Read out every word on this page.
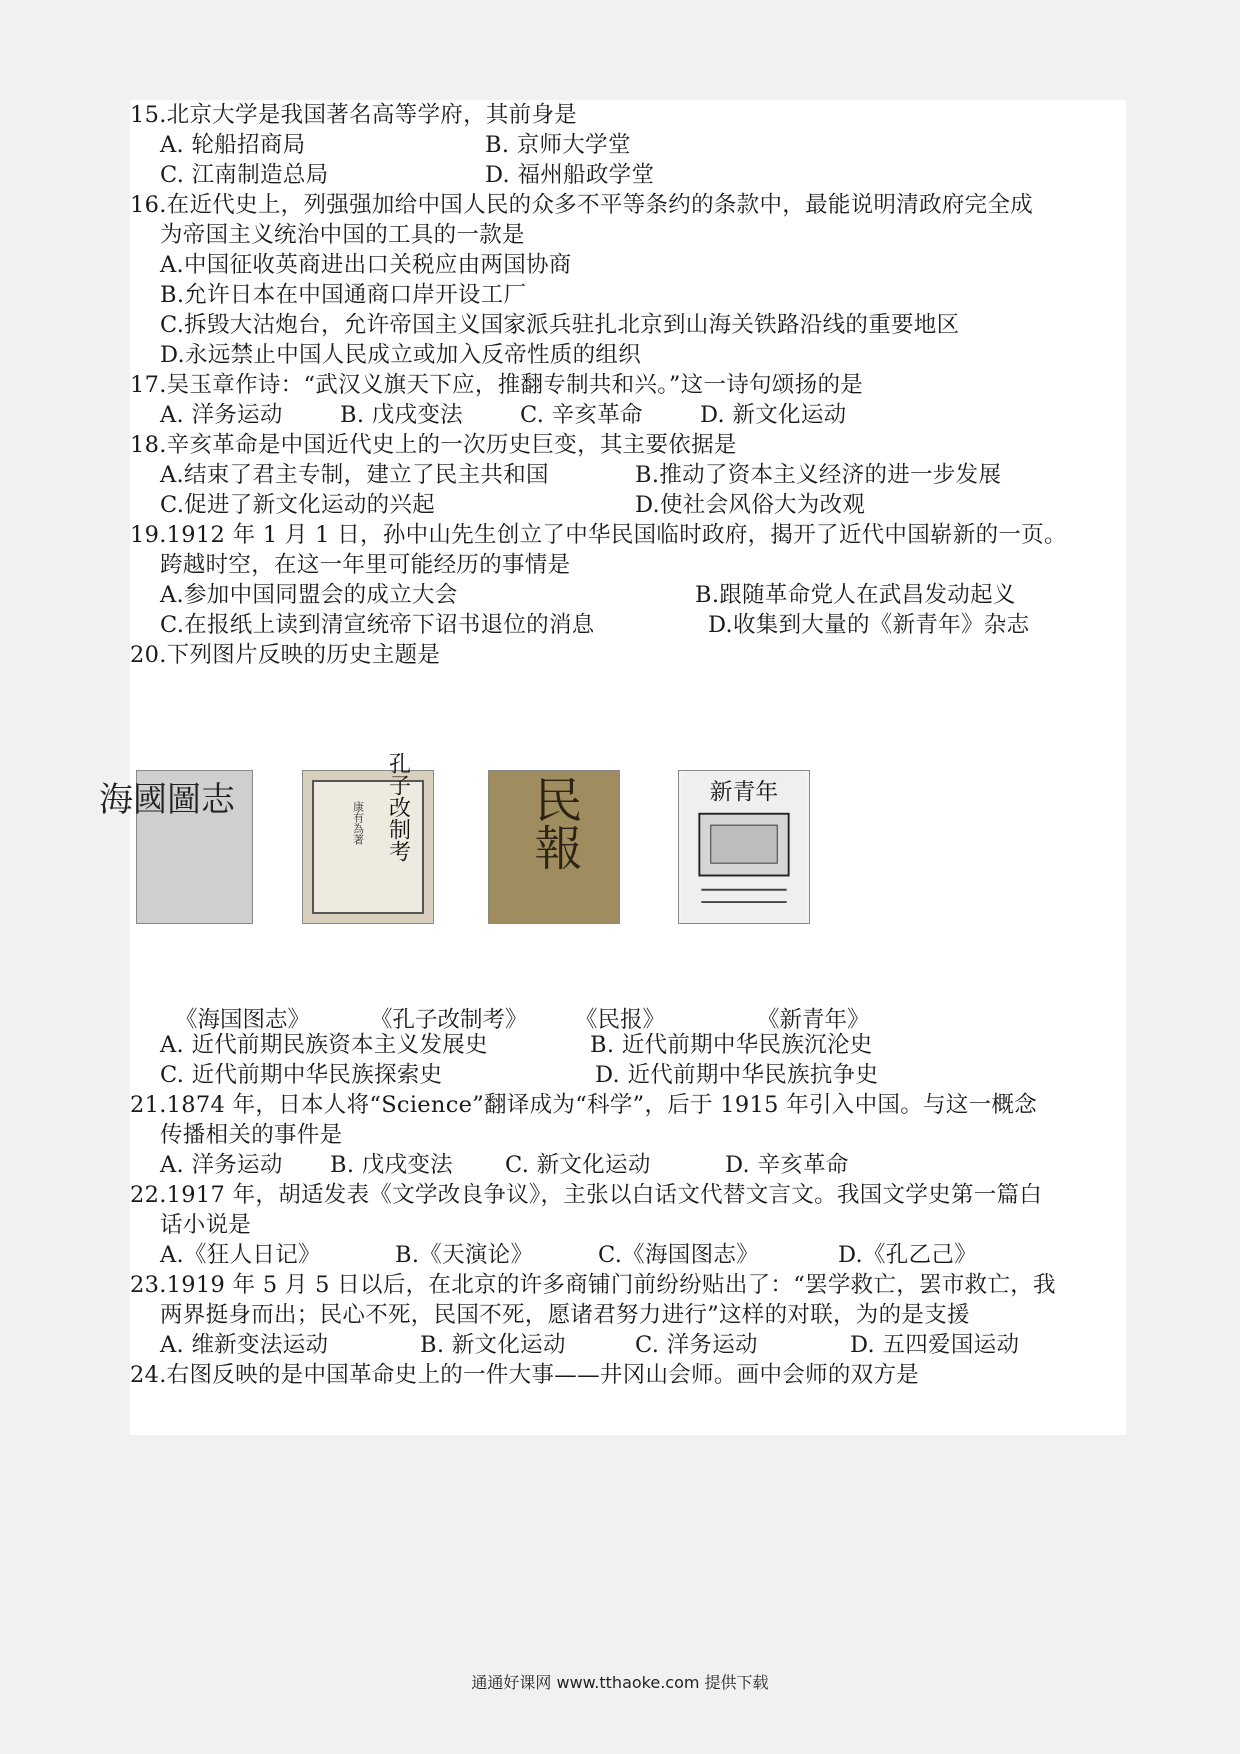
15.北京大学是我国著名高等学府，其前身是
A. 轮船招商局	B. 京师大学堂
C. 江南制造总局	D. 福州船政学堂
16.在近代史上，列强强加给中国人民的众多不平等条约的条款中，最能说明清政府完全成
为帝国主义统治中国的工具的一款是
A.中国征收英商进出口关税应由两国协商
B.允许日本在中国通商口岸开设工厂
C.拆毁大沽炮台，允许帝国主义国家派兵驻扎北京到山海关铁路沿线的重要地区
D.永远禁止中国人民成立或加入反帝性质的组织
17.吴玉章作诗：“武汉义旗天下应，推翻专制共和兴。”这一诗句颂扬的是
A. 洋务运动	B. 戊戌变法	C. 辛亥革命	D. 新文化运动
18.辛亥革命是中国近代史上的一次历史巨变，其主要依据是
A.结束了君主专制，建立了民主共和国	B.推动了资本主义经济的进一步发展
C.促进了新文化运动的兴起	D.使社会风俗大为改观
19.1912 年 1 月 1 日，孙中山先生创立了中华民国临时政府，揭开了近代中国崭新的一页。
跨越时空，在这一年里可能经历的事情是
A.参加中国同盟会的成立大会	B.跟随革命党人在武昌发动起义
C.在报纸上读到清宣统帝下诏书退位的消息	D.收集到大量的《新青年》杂志
20.下列图片反映的历史主题是
海國圖志	孔子改制考
康有為著	民報	新青年
《海国图志》	《孔子改制考》 《民报》	《新青年》
A. 近代前期民族资本主义发展史	B. 近代前期中华民族沉沦史
C. 近代前期中华民族探索史	D. 近代前期中华民族抗争史
21.1874 年，日本人将“Science”翻译成为“科学”，后于 1915 年引入中国。与这一概念
传播相关的事件是
A. 洋务运动 B. 戊戌变法 C. 新文化运动	D. 辛亥革命
22.1917 年，胡适发表《文学改良争议》，主张以白话文代替文言文。我国文学史第一篇白
话小说是
A.《狂人日记》	B.《天演论》	C.《海国图志》	D.《孔乙己》
23.1919 年 5 月 5 日以后，在北京的许多商铺门前纷纷贴出了：“罢学救亡，罢市救亡，我
两界挺身而出；民心不死，民国不死，愿诸君努力进行”这样的对联，为的是支援
A. 维新变法运动	B. 新文化运动	C. 洋务运动	D. 五四爱国运动
24.右图反映的是中国革命史上的一件大事——井冈山会师。画中会师的双方是
通通好课网 www.tthaoke.com 提供下载
